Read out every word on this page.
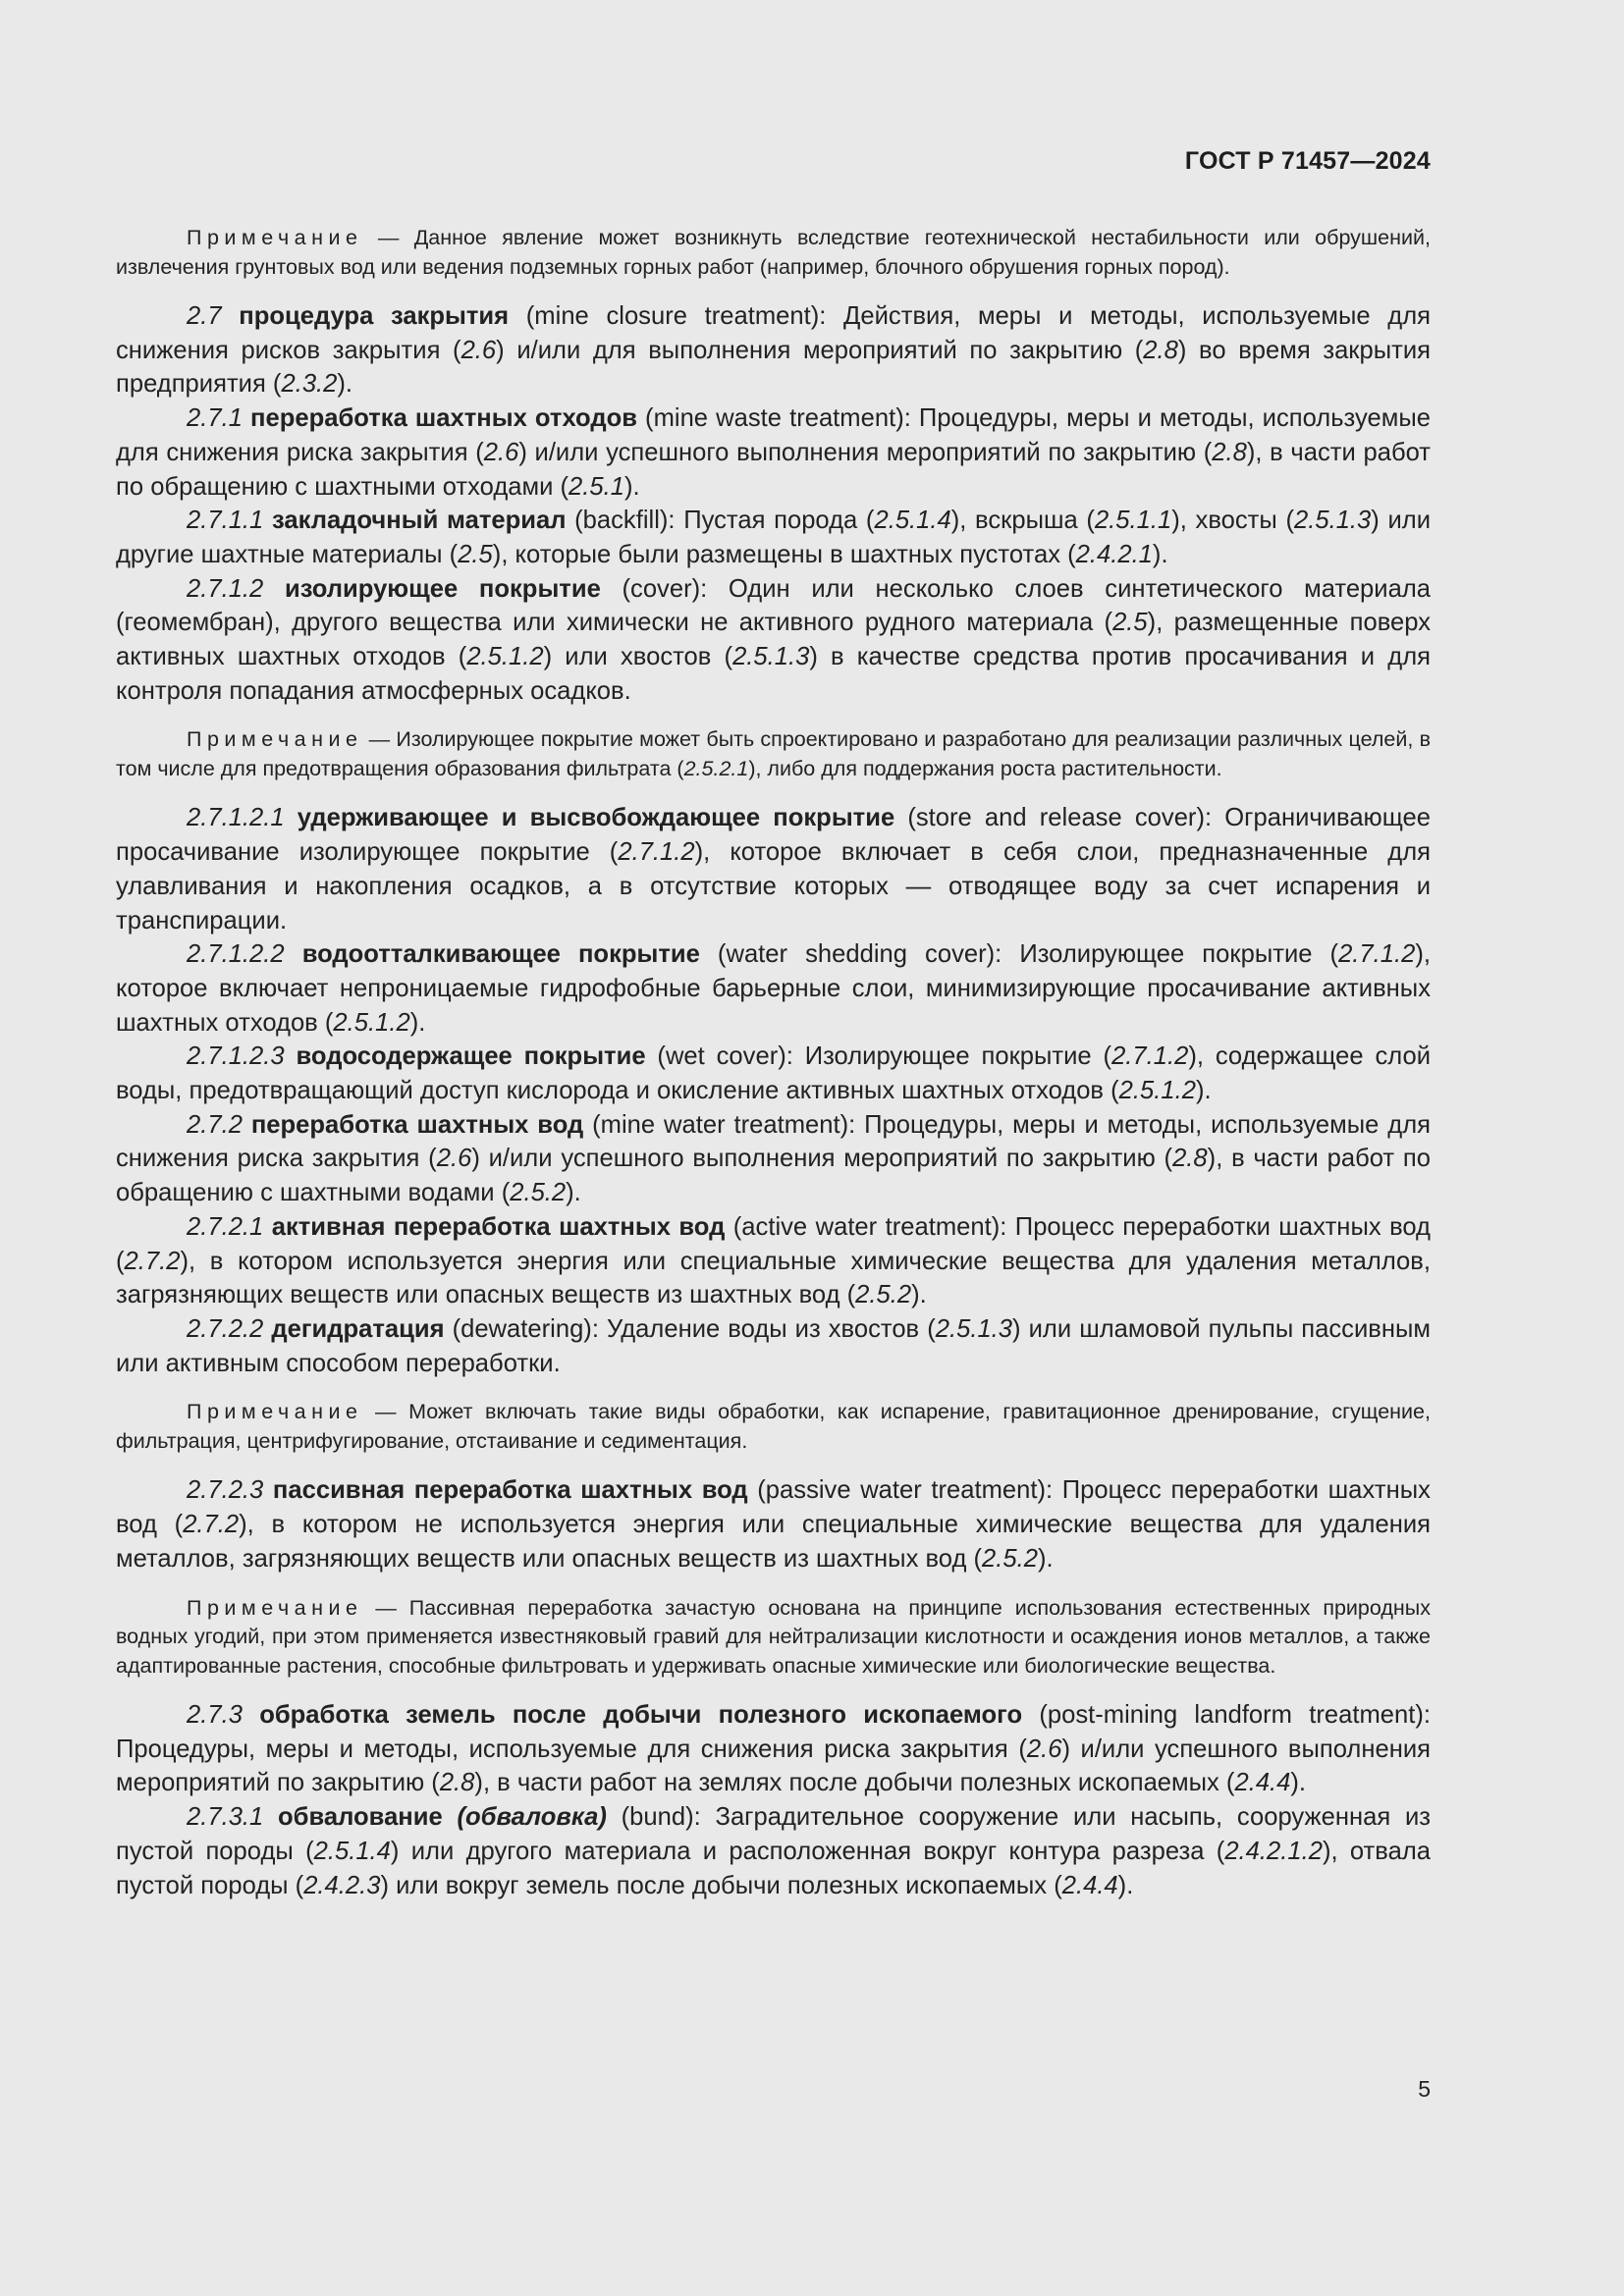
ГОСТ Р 71457—2024

Примечание — Данное явление может возникнуть вследствие геотехнической нестабильности или обрушений, извлечения грунтовых вод или ведения подземных горных работ (например, блочного обрушения горных пород).

2.7 процедура закрытия (mine closure treatment): Действия, меры и методы, используемые для снижения рисков закрытия (2.6) и/или для выполнения мероприятий по закрытию (2.8) во время закрытия предприятия (2.3.2).

2.7.1 переработка шахтных отходов (mine waste treatment): Процедуры, меры и методы, используемые для снижения риска закрытия (2.6) и/или успешного выполнения мероприятий по закрытию (2.8), в части работ по обращению с шахтными отходами (2.5.1).

2.7.1.1 закладочный материал (backfill): Пустая порода (2.5.1.4), вскрыша (2.5.1.1), хвосты (2.5.1.3) или другие шахтные материалы (2.5), которые были размещены в шахтных пустотах (2.4.2.1).

2.7.1.2 изолирующее покрытие (cover): Один или несколько слоев синтетического материала (геомембран), другого вещества или химически не активного рудного материала (2.5), размещенные поверх активных шахтных отходов (2.5.1.2) или хвостов (2.5.1.3) в качестве средства против просачивания и для контроля попадания атмосферных осадков.

Примечание — Изолирующее покрытие может быть спроектировано и разработано для реализации различных целей, в том числе для предотвращения образования фильтрата (2.5.2.1), либо для поддержания роста растительности.

2.7.1.2.1 удерживающее и высвобождающее покрытие (store and release cover): Ограничивающее просачивание изолирующее покрытие (2.7.1.2), которое включает в себя слои, предназначенные для улавливания и накопления осадков, а в отсутствие которых — отводящее воду за счет испарения и транспирации.

2.7.1.2.2 водоотталкивающее покрытие (water shedding cover): Изолирующее покрытие (2.7.1.2), которое включает непроницаемые гидрофобные барьерные слои, минимизирующие просачивание активных шахтных отходов (2.5.1.2).

2.7.1.2.3 водосодержащее покрытие (wet cover): Изолирующее покрытие (2.7.1.2), содержащее слой воды, предотвращающий доступ кислорода и окисление активных шахтных отходов (2.5.1.2).

2.7.2 переработка шахтных вод (mine water treatment): Процедуры, меры и методы, используемые для снижения риска закрытия (2.6) и/или успешного выполнения мероприятий по закрытию (2.8), в части работ по обращению с шахтными водами (2.5.2).

2.7.2.1 активная переработка шахтных вод (active water treatment): Процесс переработки шахтных вод (2.7.2), в котором используется энергия или специальные химические вещества для удаления металлов, загрязняющих веществ или опасных веществ из шахтных вод (2.5.2).

2.7.2.2 дегидратация (dewatering): Удаление воды из хвостов (2.5.1.3) или шламовой пульпы пассивным или активным способом переработки.

Примечание — Может включать такие виды обработки, как испарение, гравитационное дренирование, сгущение, фильтрация, центрифугирование, отстаивание и седиментация.

2.7.2.3 пассивная переработка шахтных вод (passive water treatment): Процесс переработки шахтных вод (2.7.2), в котором не используется энергия или специальные химические вещества для удаления металлов, загрязняющих веществ или опасных веществ из шахтных вод (2.5.2).

Примечание — Пассивная переработка зачастую основана на принципе использования естественных природных водных угодий, при этом применяется известняковый гравий для нейтрализации кислотности и осаждения ионов металлов, а также адаптированные растения, способные фильтровать и удерживать опасные химические или биологические вещества.

2.7.3 обработка земель после добычи полезного ископаемого (post-mining landform treatment): Процедуры, меры и методы, используемые для снижения риска закрытия (2.6) и/или успешного выполнения мероприятий по закрытию (2.8), в части работ на землях после добычи полезных ископаемых (2.4.4).

2.7.3.1 обвалование (обваловка) (bund): Заградительное сооружение или насыпь, сооруженная из пустой породы (2.5.1.4) или другого материала и расположенная вокруг контура разреза (2.4.2.1.2), отвала пустой породы (2.4.2.3) или вокруг земель после добычи полезных ископаемых (2.4.4).

5
